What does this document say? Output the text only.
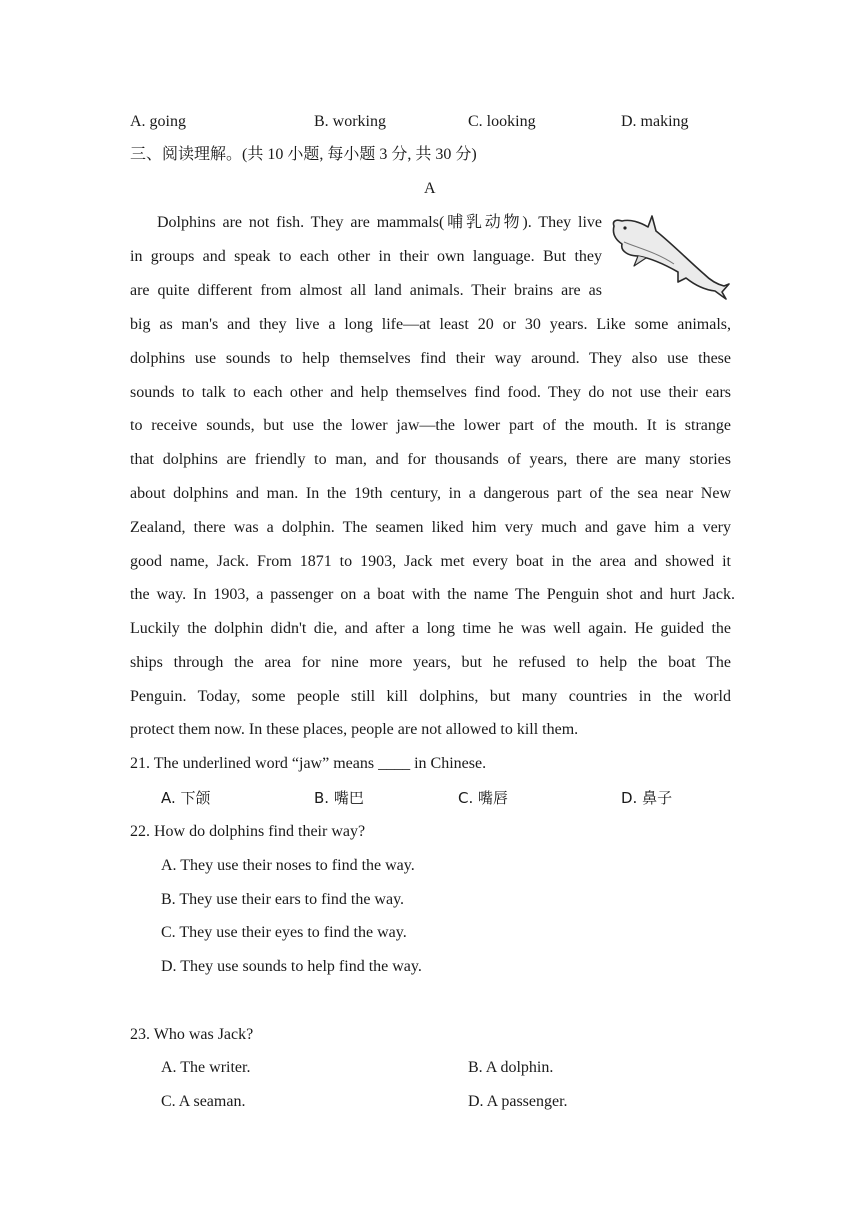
A. going	B. working	C. looking	D. making
三、阅读理解。(共 10 小题, 每小题 3 分, 共 30 分)
A
Dolphins are not fish. They are mammals(哺乳动物). They live
in groups and speak to each other in their own language. But they
are quite different from almost all land animals. Their brains are as
big as man's and they live a long life—at least 20 or 30 years. Like some animals,
dolphins use sounds to help themselves find their way around. They also use these
sounds to talk to each other and help themselves find food. They do not use their ears
to receive sounds, but use the lower jaw—the lower part of the mouth. It is strange
that dolphins are friendly to man, and for thousands of years, there are many stories
about dolphins and man. In the 19th century, in a dangerous part of the sea near New
Zealand, there was a dolphin. The seamen liked him very much and gave him a very
good name, Jack. From 1871 to 1903, Jack met every boat in the area and showed it
the way. In 1903, a passenger on a boat with the name The Penguin shot and hurt Jack.
Luckily the dolphin didn't die, and after a long time he was well again. He guided the
ships through the area for nine more years, but he refused to help the boat The
Penguin. Today, some people still kill dolphins, but many countries in the world
protect them now. In these places, people are not allowed to kill them.
21. The underlined word “jaw” means ____ in Chinese.
A. 下颌	B. 嘴巴	C. 嘴唇	D. 鼻子
22. How do dolphins find their way?
A. They use their noses to find the way.
B. They use their ears to find the way.
C. They use their eyes to find the way.
D. They use sounds to help find the way.
23. Who was Jack?
A. The writer.	B. A dolphin.
C. A seaman.	D. A passenger.
